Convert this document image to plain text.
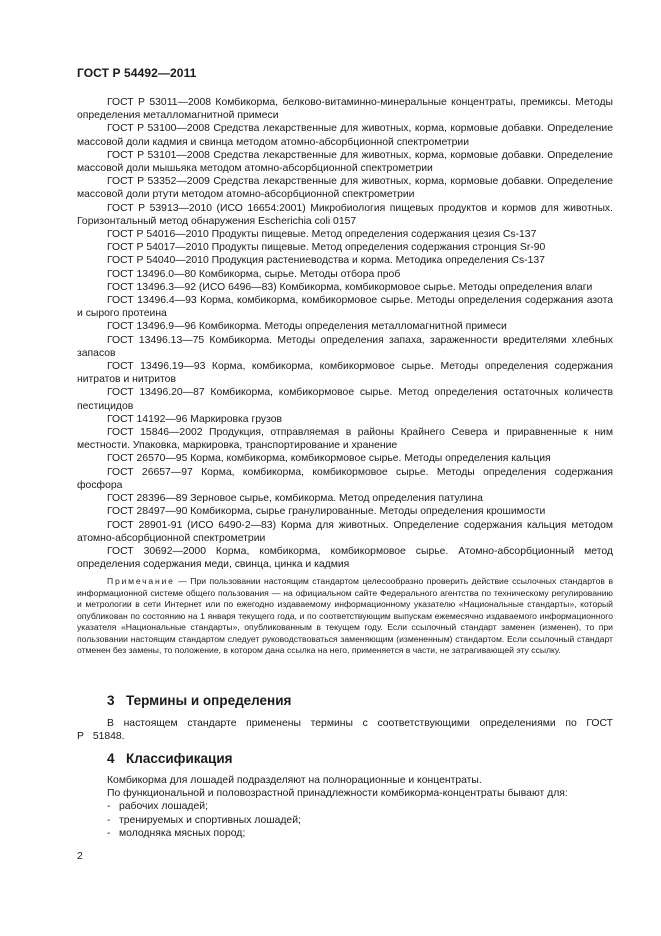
ГОСТ Р 54492—2011

ГОСТ Р 53011—2008 Комбикорма, белково-витаминно-минеральные концентраты, премиксы. Методы определения металломагнитной примеси

ГОСТ Р 53100—2008 Средства лекарственные для животных, корма, кормовые добавки. Определение массовой доли кадмия и свинца методом атомно-абсорбционной спектрометрии

ГОСТ Р 53101—2008 Средства лекарственные для животных, корма, кормовые добавки. Определение массовой доли мышьяка методом атомно-абсорбционной спектрометрии

ГОСТ Р 53352—2009 Средства лекарственные для животных, корма, кормовые добавки. Определение массовой доли ртути методом атомно-абсорбционной спектрометрии

ГОСТ Р 53913—2010 (ИСО 16654:2001) Микробиология пищевых продуктов и кормов для животных. Горизонтальный метод обнаружения Escherichia coli 0157

ГОСТ Р 54016—2010 Продукты пищевые. Метод определения содержания цезия Cs-137

ГОСТ Р 54017—2010 Продукты пищевые. Метод определения содержания стронция Sr-90

ГОСТ Р 54040—2010 Продукция растениеводства и корма. Методика определения Cs-137

ГОСТ 13496.0—80 Комбикорма, сырье. Методы отбора проб

ГОСТ 13496.3—92 (ИСО 6496—83) Комбикорма, комбикормовое сырье. Методы определения влаги

ГОСТ 13496.4—93 Корма, комбикорма, комбикормовое сырье. Методы определения содержания азота и сырого протеина

ГОСТ 13496.9—96 Комбикорма. Методы определения металломагнитной примеси

ГОСТ 13496.13—75 Комбикорма. Методы определения запаха, зараженности вредителями хлебных запасов

ГОСТ 13496.19—93 Корма, комбикорма, комбикормовое сырье. Методы определения содержания нитратов и нитритов

ГОСТ 13496.20—87 Комбикорма, комбикормовое сырье. Метод определения остаточных количеств пестицидов

ГОСТ 14192—96 Маркировка грузов

ГОСТ 15846—2002 Продукция, отправляемая в районы Крайнего Севера и приравненные к ним местности. Упаковка, маркировка, транспортирование и хранение

ГОСТ 26570—95 Корма, комбикорма, комбикормовое сырье. Методы определения кальция

ГОСТ 26657—97 Корма, комбикорма, комбикормовое сырье. Методы определения содержания фосфора

ГОСТ 28396—89 Зерновое сырье, комбикорма. Метод определения патулина

ГОСТ 28497—90 Комбикорма, сырье гранулированные. Методы определения крошимости

ГОСТ 28901-91 (ИСО 6490-2—83) Корма для животных. Определение содержания кальция методом атомно-абсорбционной спектрометрии

ГОСТ 30692—2000 Корма, комбикорма, комбикормовое сырье. Атомно-абсорбционный метод определения содержания меди, свинца, цинка и кадмия

Примечание — При пользовании настоящим стандартом целесообразно проверить действие ссылочных стандартов в информационной системе общего пользования — на официальном сайте Федерального агентства по техническому регулированию и метрологии в сети Интернет или по ежегодно издаваемому информационному указателю «Национальные стандарты», который опубликован по состоянию на 1 января текущего года, и по соответствующим выпускам ежемесячно издаваемого информационного указателя «Национальные стандарты», опубликованным в текущем году. Если ссылочный стандарт заменен (изменен), то при пользовании настоящим стандартом следует руководствоваться заменяющим (измененным) стандартом. Если ссылочный стандарт отменен без замены, то положение, в котором дана ссылка на него, применяется в части, не затрагивающей эту ссылку.

3 Термины и определения

В настоящем стандарте применены термины с соответствующими определениями по ГОСТ Р 51848.

4 Классификация

Комбикорма для лошадей подразделяют на полнорационные и концентраты.

По функциональной и половозрастной принадлежности комбикорма-концентраты бывают для:

- рабочих лошадей;
- тренируемых и спортивных лошадей;
- молодняка мясных пород;
2
